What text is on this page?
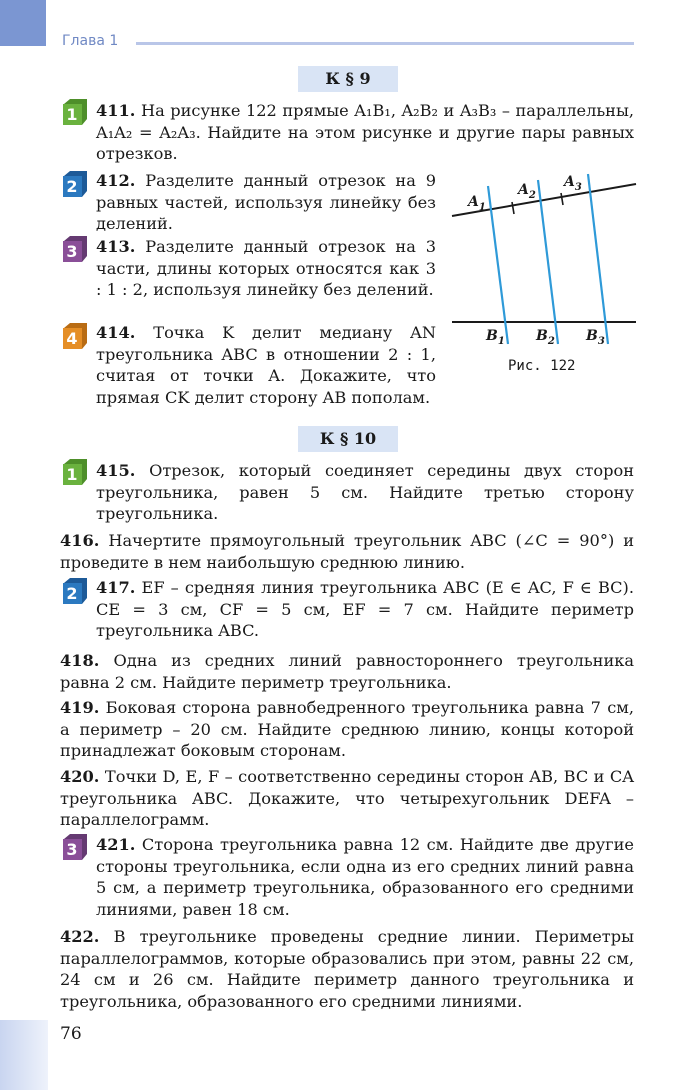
Глава 1
К § 9
1
2
3
4
1
2
3

411. На рисунке 122 прямые A₁B₁, A₂B₂ и A₃B₃ – параллельны, A₁A₂ = A₂A₃. Найдите на этом рисунке и другие пары равных отрезков.

412. Разделите данный отрезок на 9 равных частей, используя линейку без делений.

413. Разделите данный отрезок на 3 части, длины которых относятся как 3 : 1 : 2, используя линейку без делений.

414. Точка K делит медиану AN треугольника ABC в отношении 2 : 1, считая от точки A. Докажите, что прямая CK делит сторону AB пополам.

$A_1$
$A_2$
$A_3$
$B_1$ $B_2$ $B_3$
Рис. 122
К § 10

415. Отрезок, который соединяет середины двух сторон треугольника, равен 5 см. Найдите третью сторону треугольника.

416. Начертите прямоугольный треугольник ABC (∠C = 90°) и проведите в нем наибольшую среднюю линию.

417. EF – средняя линия треугольника ABC (E ∈ AC, F ∈ BC). CE = 3 см, CF = 5 см, EF = 7 см. Найдите периметр треугольника ABC.

418. Одна из средних линий равностороннего треугольника равна 2 см. Найдите периметр треугольника.

419. Боковая сторона равнобедренного треугольника равна 7 см, а периметр – 20 см. Найдите среднюю линию, концы которой принадлежат боковым сторонам.

420. Точки D, E, F – соответственно середины сторон AB, BC и CA треугольника ABC. Докажите, что четырехугольник DEFA – параллелограмм.

421. Сторона треугольника равна 12 см. Найдите две другие стороны треугольника, если одна из его средних линий равна 5 см, а периметр треугольника, образованного его средними линиями, равен 18 см.

422. В треугольнике проведены средние линии. Периметры параллелограммов, которые образовались при этом, равны 22 см, 24 см и 26 см. Найдите периметр данного треугольника и треугольника, образованного его средними линиями.

76
